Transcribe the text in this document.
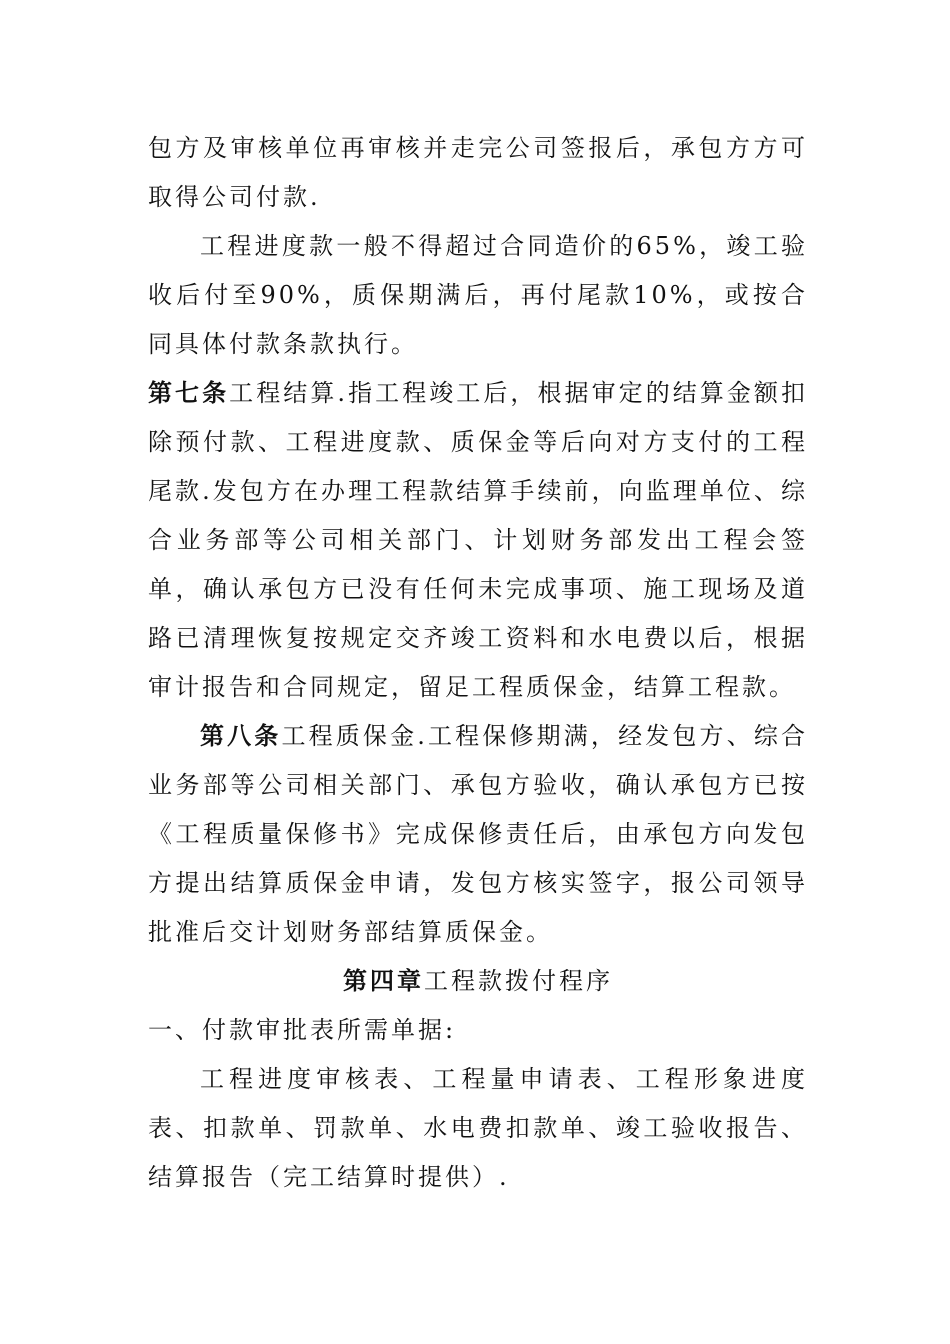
包方及审核单位再审核并走完公司签报后，承包方方可取得公司付款.

工程进度款一般不得超过合同造价的65%，竣工验收后付至90%，质保期满后，再付尾款10%，或按合同具体付款条款执行。

第七条工程结算.指工程竣工后，根据审定的结算金额扣除预付款、工程进度款、质保金等后向对方支付的工程尾款.发包方在办理工程款结算手续前，向监理单位、综合业务部等公司相关部门、计划财务部发出工程会签单，确认承包方已没有任何未完成事项、施工现场及道路已清理恢复按规定交齐竣工资料和水电费以后，根据审计报告和合同规定，留足工程质保金，结算工程款。

第八条工程质保金.工程保修期满，经发包方、综合业务部等公司相关部门、承包方验收，确认承包方已按《工程质量保修书》完成保修责任后，由承包方向发包方提出结算质保金申请，发包方核实签字，报公司领导批准后交计划财务部结算质保金。

第四章工程款拨付程序

一、付款审批表所需单据:

工程进度审核表、工程量申请表、工程形象进度表、扣款单、罚款单、水电费扣款单、竣工验收报告、结算报告（完工结算时提供）.
